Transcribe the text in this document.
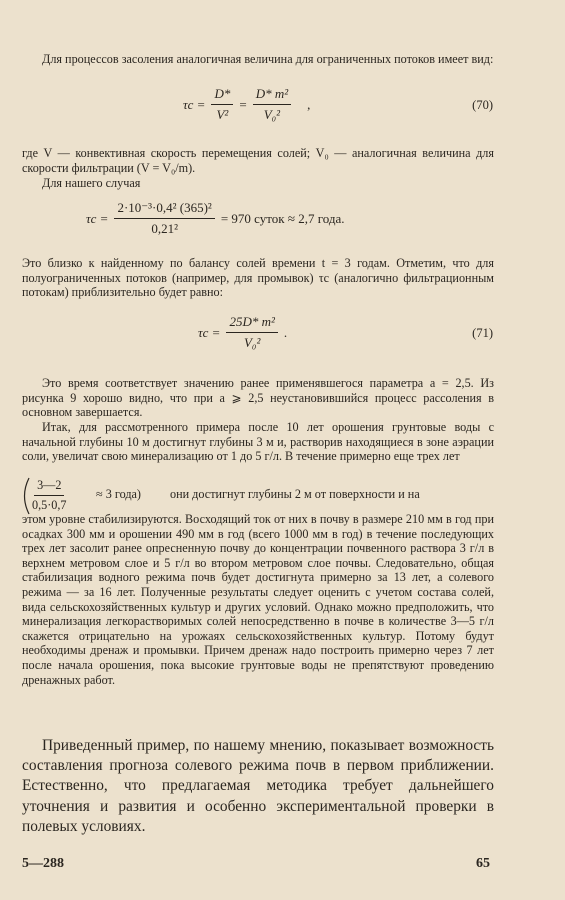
Для процессов засоления аналогичная величина для ограниченных потоков имеет вид:

$\tau c = \frac{D*}{\text{V²}} = \frac{\text{D* m²}}{\text{V₀²}}$ ,	(70)

где V — конвективная скорость перемещения солей; V₀ — аналогичная величина для скорости фильтрации (V = V₀/m).

Для нашего случая

$\tau c = \frac{\text{2·10⁻³·0,4² (365)²}}{\text{0,21²}} = 970$ суток ≈ 2,7 года.

Это близко к найденному по балансу солей времени t = 3 годам. Отметим, что для полуограниченных потоков (например, для промывок) τc (аналогично фильтрационным потокам) приблизительно будет равно:

$\tau c = \frac{\text{25D* m²}}{\text{V₀²}}$ .	(71)

Это время соответствует значению ранее применявшегося параметра a = 2,5. Из рисунка 9 хорошо видно, что при a ⩾ 2,5 неустановившийся процесс рассоления в основном завершается.

Итак, для рассмотренного примера после 10 лет орошения грунтовые воды с начальной глубины 10 м достигнут глубины 3 м и, растворив находящиеся в зоне аэрации соли, увеличат свою минерализацию от 1 до 5 г/л. В течение примерно еще трех лет

$\frac{3—2}{0,5\cdot 0,7} \approx 3$ года) они достигнут глубины 2 м от поверхности и на

этом уровне стабилизируются. Восходящий ток от них в почву в размере 210 мм в год при осадках 300 мм и орошении 490 мм в год (всего 1000 мм в год) в течение последующих трех лет засолит ранее опресненную почву до концентрации почвенного раствора 3 г/л в верхнем метровом слое и 5 г/л во втором метровом слое почвы. Следовательно, общая стабилизация водного режима почв будет достигнута примерно за 13 лет, а солевого режима — за 16 лет. Полученные результаты следует оценить с учетом состава солей, вида сельскохозяйственных культур и других условий. Однако можно предположить, что минерализация легкорастворимых солей непосредственно в почве в количестве 3—5 г/л скажется отрицательно на урожаях сельскохозяйственных культур. Потому будут необходимы дренаж и промывки. Причем дренаж надо построить примерно через 7 лет после начала орошения, пока высокие грунтовые воды не препятствуют проведению дренажных работ.

Приведенный пример, по нашему мнению, показывает возможность составления прогноза солевого режима почв в первом приближении. Естественно, что предлагаемая методика требует дальнейшего уточнения и развития и особенно экспериментальной проверки в полевых условиях.

5—288	65
